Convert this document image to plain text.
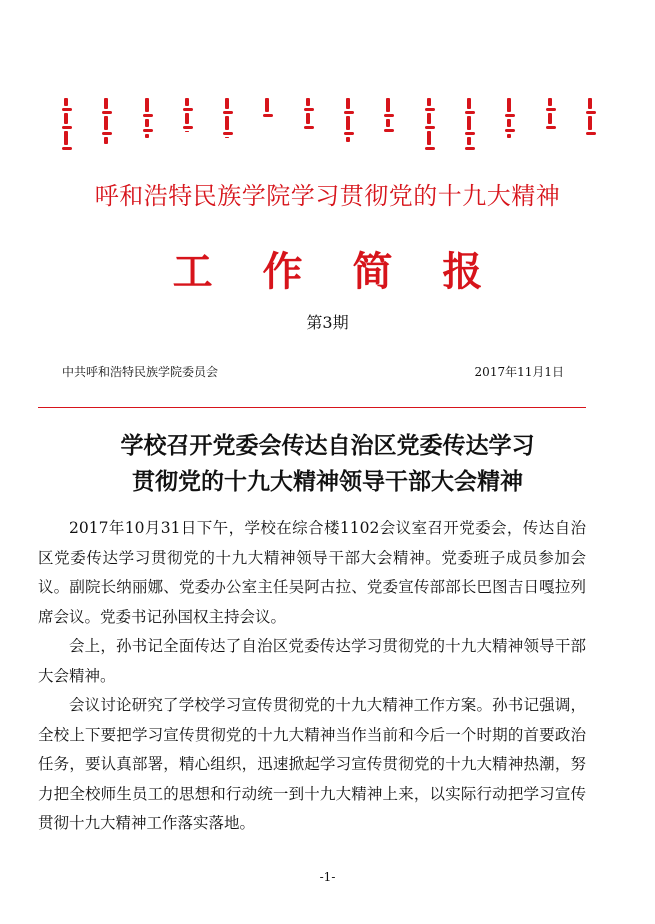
呼和浩特民族学院学习贯彻党的十九大精神
工 作 简 报
第3期
中共呼和浩特民族学院委员会	2017年11月1日
学校召开党委会传达自治区党委传达学习
贯彻党的十九大精神领导干部大会精神

2017年10月31日下午，学校在综合楼1102会议室召开党委会，传达自治区党委传达学习贯彻党的十九大精神领导干部大会精神。党委班子成员参加会议。副院长纳丽娜、党委办公室主任吴阿古拉、党委宣传部部长巴图吉日嘎拉列席会议。党委书记孙国权主持会议。

会上，孙书记全面传达了自治区党委传达学习贯彻党的十九大精神领导干部大会精神。

会议讨论研究了学校学习宣传贯彻党的十九大精神工作方案。孙书记强调，全校上下要把学习宣传贯彻党的十九大精神当作当前和今后一个时期的首要政治任务，要认真部署，精心组织，迅速掀起学习宣传贯彻党的十九大精神热潮，努力把全校师生员工的思想和行动统一到十九大精神上来，以实际行动把学习宣传贯彻十九大精神工作落实落地。

-1-
